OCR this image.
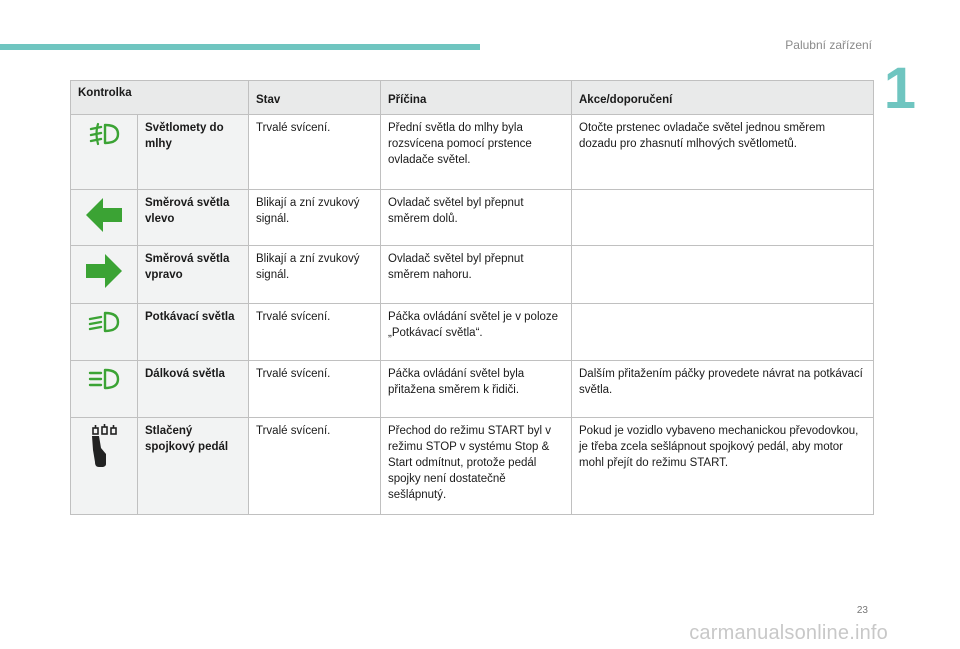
Palubní zařízení
1
Kontrolka		Stav	Příčina	Akce/doporučení

	Světlomety do mlhy	Trvalé svícení.	Přední světla do mlhy byla rozsvícena pomocí prstence ovladače světel.	Otočte prstenec ovladače světel jednou směrem dozadu pro zhasnutí mlhových světlometů.

	Směrová světla vlevo	Blikají a zní zvukový signál.	Ovladač světel byl přepnut směrem dolů.	

	Směrová světla vpravo	Blikají a zní zvukový signál.	Ovladač světel byl přepnut směrem nahoru.	

	Potkávací světla	Trvalé svícení.	Páčka ovládání světel je v poloze „Potkávací světla“.	

	Dálková světla	Trvalé svícení.	Páčka ovládání světel byla přitažena směrem k řidiči.	Dalším přitažením páčky provedete návrat na potkávací světla.

	Stlačený spojkový pedál	Trvalé svícení.	Přechod do režimu START byl v režimu STOP v systému Stop & Start odmítnut, protože pedál spojky není dostatečně sešlápnutý.	Pokud je vozidlo vybaveno mechanickou převodovkou, je třeba zcela sešlápnout spojkový pedál, aby motor mohl přejít do režimu START.
23
carmanualsonline.info
